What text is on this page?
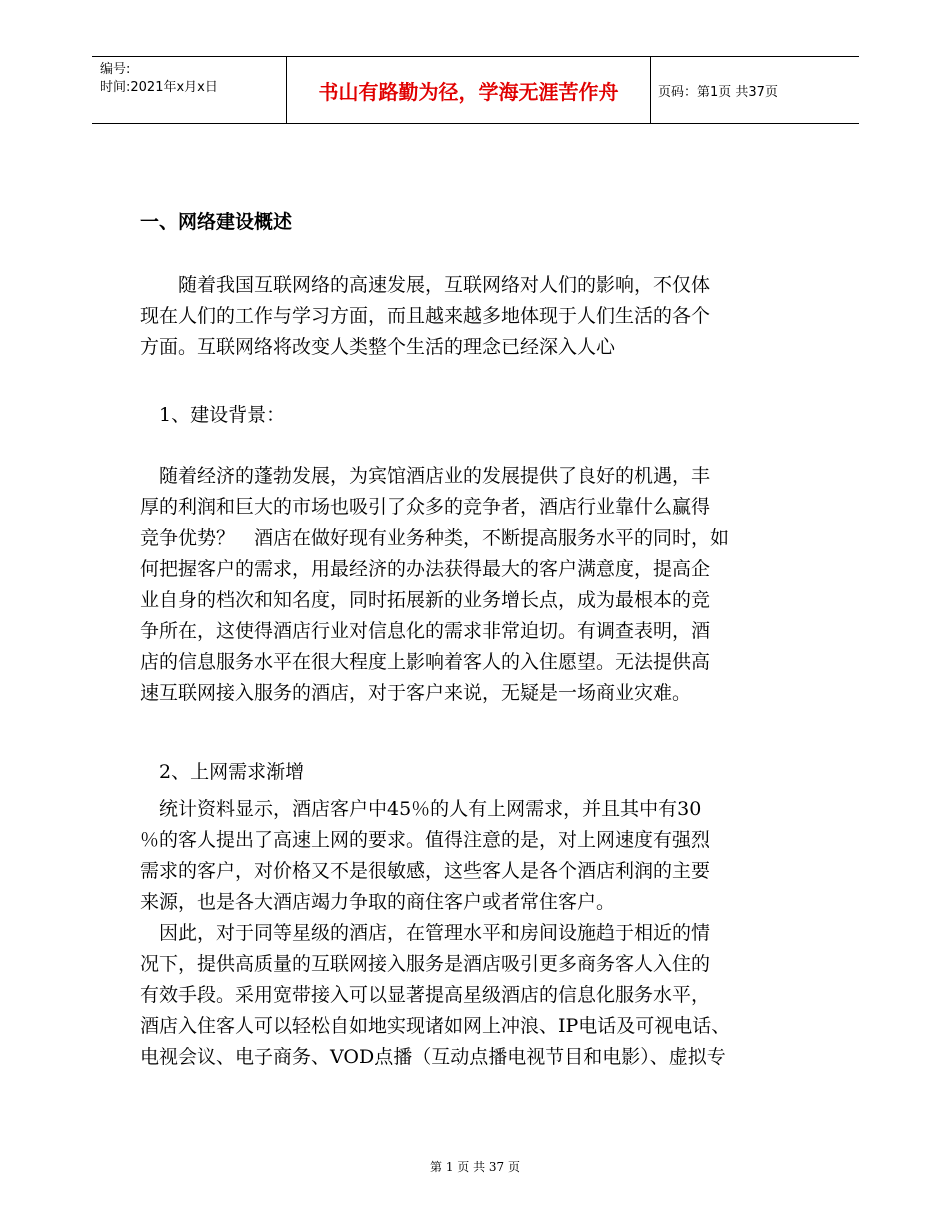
编号:
时间:2021年x月x日	书山有路勤为径，学海无涯苦作舟	页码：第1页 共37页
一、网络建设概述
　　随着我国互联网络的高速发展，互联网络对人们的影响，不仅体
现在人们的工作与学习方面，而且越来越多地体现于人们生活的各个
方面。互联网络将改变人类整个生活的理念已经深入人心
　1、建设背景：
　随着经济的蓬勃发展，为宾馆酒店业的发展提供了良好的机遇，丰
厚的利润和巨大的市场也吸引了众多的竞争者，酒店行业靠什么赢得
竞争优势？　酒店在做好现有业务种类，不断提高服务水平的同时，如
何把握客户的需求，用最经济的办法获得最大的客户满意度，提高企
业自身的档次和知名度，同时拓展新的业务增长点，成为最根本的竞
争所在，这使得酒店行业对信息化的需求非常迫切。有调查表明，酒
店的信息服务水平在很大程度上影响着客人的入住愿望。无法提供高
速互联网接入服务的酒店，对于客户来说，无疑是一场商业灾难。
　2、上网需求渐增
　统计资料显示，酒店客户中45％的人有上网需求，并且其中有30
％的客人提出了高速上网的要求。值得注意的是，对上网速度有强烈
需求的客户，对价格又不是很敏感，这些客人是各个酒店利润的主要
来源，也是各大酒店竭力争取的商住客户或者常住客户。
　因此，对于同等星级的酒店，在管理水平和房间设施趋于相近的情
况下，提供高质量的互联网接入服务是酒店吸引更多商务客人入住的
有效手段。采用宽带接入可以显著提高星级酒店的信息化服务水平，
酒店入住客人可以轻松自如地实现诸如网上冲浪、IP电话及可视电话、
电视会议、电子商务、VOD点播（互动点播电视节目和电影）、虚拟专
第 1 页 共 37 页
